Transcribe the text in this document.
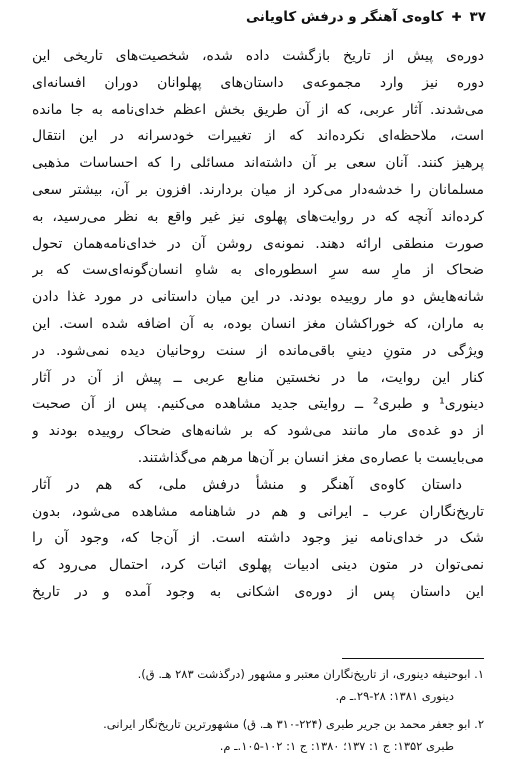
۳۷
✚
کاوه‌ی آهنگر و درفش کاویانی

دوره‌ی پیش از تاریخ بازگشت داده شده، شخصیت‌های تاریخی این

دوره نیز وارد مجموعه‌ی داستان‌های پهلوانان دوران افسانه‌ای

می‌شدند. آثار عربی، که از آن طریق بخش اعظم خدای‌نامه به جا مانده

است، ملاحظه‌ای نکرده‌اند که از تغییرات خودسرانه در این انتقال

پرهیز کنند. آنان سعی بر آن داشته‌اند مسائلی را که احساسات مذهبی

مسلمانان را خدشه‌دار می‌کرد از میان بردارند. افزون بر آن، بیشتر سعی

کرده‌اند آنچه که در روایت‌های پهلوی نیز غیر واقع به نظر می‌رسید، به

صورت منطقی ارائه دهند. نمونه‌ی روشن آن در خدای‌نامه‌همان تحول

ضحاک از مارِ سه سرِ اسطوره‌ای به شاهِ انسان‌گونه‌ای‌ست که بر

شانه‌هایش دو مار روییده بودند. در این میان داستانی در مورد غذا دادن

به ماران، که خوراکشان مغز انسان بوده، به آن اضافه شده است. این

ویژگی در متونِ دینیِ باقی‌مانده از سنت روحانیان دیده نمی‌شود. در

کنار این روایت، ما در نخستین منابع عربی ــ پیش از آن در آثار

دینوری¹ و طبری² ــ روایتی جدید مشاهده می‌کنیم. پس از آن صحبت

از دو غده‌ی مار مانند می‌شود که بر شانه‌های ضحاک روییده بودند و

می‌بایست با عصاره‌ی مغز انسان بر آن‌ها مرهم می‌گذاشتند.

داستان کاوه‌ی آهنگر و منشأ درفش ملی، که هم در آثار

تاریخ‌نگاران عرب ـ ایرانی و هم در شاهنامه مشاهده می‌شود، بدون

شک در خدای‌نامه نیز وجود داشته است. از آن‌جا که، وجود آن را

نمی‌توان در متون دینی ادبیات پهلوی اثبات کرد، احتمال می‌رود که

این داستان پس از دوره‌ی اشکانی به وجود آمده و در تاریخ

۱. ابوحنیفه دینوری، از تاریخ‌نگاران معتبر و مشهور (درگذشت ۲۸۳ هـ. ق).

دینوری ۱۳۸۱: ۲۸-۲۹.ـ م.

۲. ابو جعفر محمد بن جریر طبری (۲۲۴-۳۱۰ هـ. ق) مشهورترین تاریخ‌نگار ایرانی.

طبری ۱۳۵۲: ج ۱: ۱۳۷؛ ۱۳۸۰: ج ۱: ۱۰۲-۱۰۵.ـ م.
